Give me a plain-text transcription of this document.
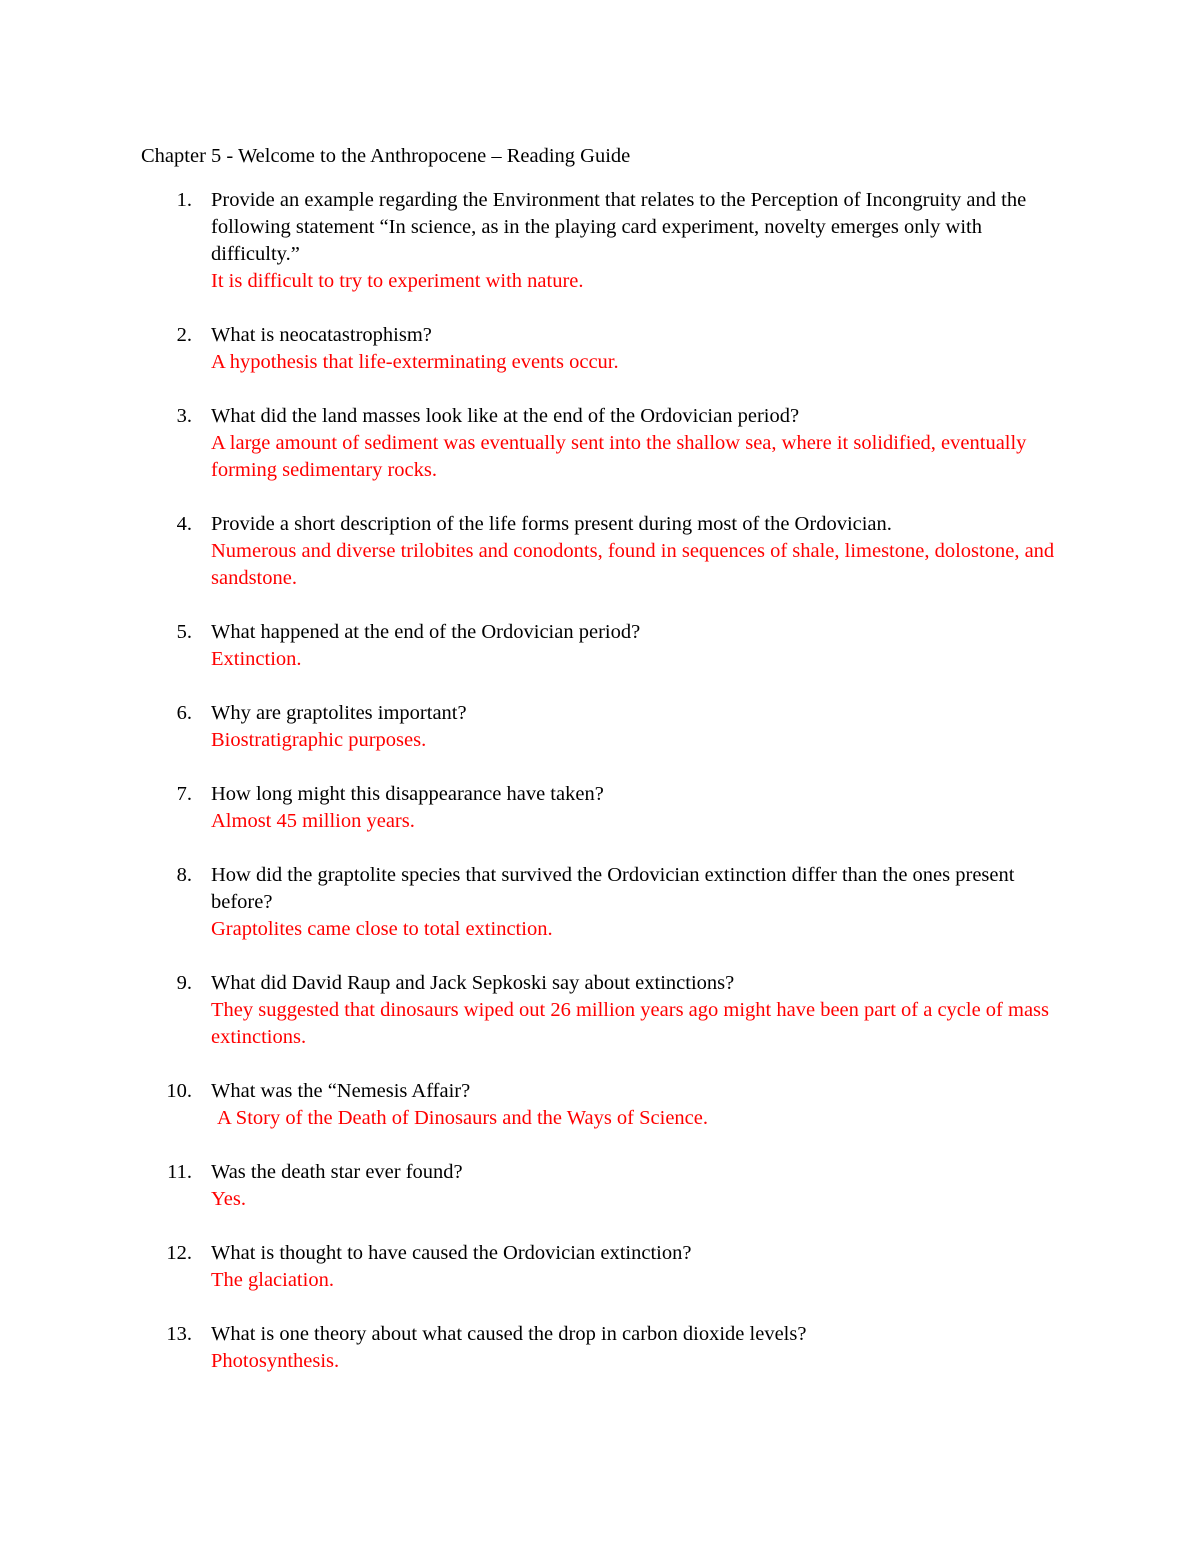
Chapter 5 - Welcome to the Anthropocene – Reading Guide
1. Provide an example regarding the Environment that relates to the Perception of Incongruity and the following statement “In science, as in the playing card experiment, novelty emerges only with difficulty.”
It is difficult to try to experiment with nature.
2. What is neocatastrophism?
A hypothesis that life-exterminating events occur.
3. What did the land masses look like at the end of the Ordovician period?
A large amount of sediment was eventually sent into the shallow sea, where it solidified, eventually forming sedimentary rocks.
4. Provide a short description of the life forms present during most of the Ordovician.
Numerous and diverse trilobites and conodonts, found in sequences of shale, limestone, dolostone, and sandstone.
5. What happened at the end of the Ordovician period?
Extinction.
6. Why are graptolites important?
Biostratigraphic purposes.
7. How long might this disappearance have taken?
Almost 45 million years.
8. How did the graptolite species that survived the Ordovician extinction differ than the ones present before?
Graptolites came close to total extinction.
9. What did David Raup and Jack Sepkoski say about extinctions?
They suggested that dinosaurs wiped out 26 million years ago might have been part of a cycle of mass extinctions.
10. What was the “Nemesis Affair?
A Story of the Death of Dinosaurs and the Ways of Science.
11. Was the death star ever found?
Yes.
12. What is thought to have caused the Ordovician extinction?
The glaciation.
13. What is one theory about what caused the drop in carbon dioxide levels?
Photosynthesis.
